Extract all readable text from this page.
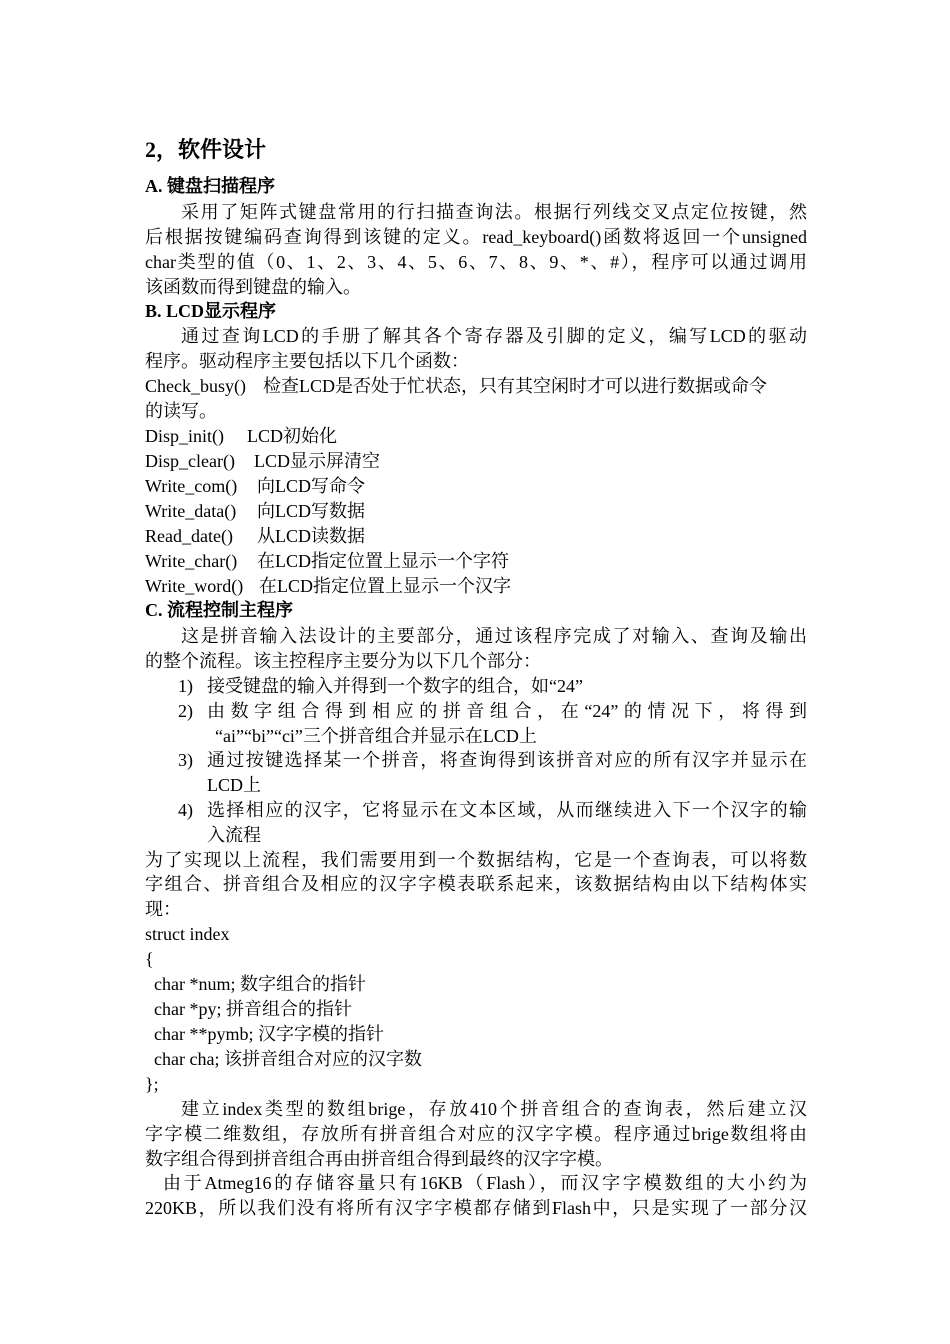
2，软件设计
A. 键盘扫描程序
采用了矩阵式键盘常用的行扫描查询法。根据行列线交叉点定位按键，然
后根据按键编码查询得到该键的定义。read_keyboard()函数将返回一个unsigned
char类型的值（0、1、2、3、4、5、6、7、8、9、*、#），程序可以通过调用
该函数而得到键盘的输入。
B. LCD显示程序
通过查询LCD的手册了解其各个寄存器及引脚的定义，编写LCD的驱动
程序。驱动程序主要包括以下几个函数：
Check_busy() 检查LCD是否处于忙状态，只有其空闲时才可以进行数据或命令
的读写。
Disp_init() LCD初始化
Disp_clear() LCD显示屏清空
Write_com() 向LCD写命令
Write_data() 向LCD写数据
Read_date() 从LCD读数据
Write_char() 在LCD指定位置上显示一个字符
Write_word() 在LCD指定位置上显示一个汉字
C. 流程控制主程序
这是拼音输入法设计的主要部分，通过该程序完成了对输入、查询及输出
的整个流程。该主控程序主要分为以下几个部分：
1) 接受键盘的输入并得到一个数字的组合，如“24”
2) 由数字组合得到相应的拼音组合，在“24”的情况下，将得到
“ai”“bi”“ci”三个拼音组合并显示在LCD上
3) 通过按键选择某一个拼音，将查询得到该拼音对应的所有汉字并显示在
LCD上
4) 选择相应的汉字，它将显示在文本区域，从而继续进入下一个汉字的输
入流程
为了实现以上流程，我们需要用到一个数据结构，它是一个查询表，可以将数
字组合、拼音组合及相应的汉字字模表联系起来，该数据结构由以下结构体实
现：
struct index
{
char *num; 数字组合的指针
char *py; 拼音组合的指针
char **pymb; 汉字字模的指针
char cha; 该拼音组合对应的汉字数
};
建立index类型的数组brige，存放410个拼音组合的查询表，然后建立汉
字字模二维数组，存放所有拼音组合对应的汉字字模。程序通过brige数组将由
数字组合得到拼音组合再由拼音组合得到最终的汉字字模。
由于Atmeg16的存储容量只有16KB（Flash），而汉字字模数组的大小约为
220KB，所以我们没有将所有汉字字模都存储到Flash中，只是实现了一部分汉
